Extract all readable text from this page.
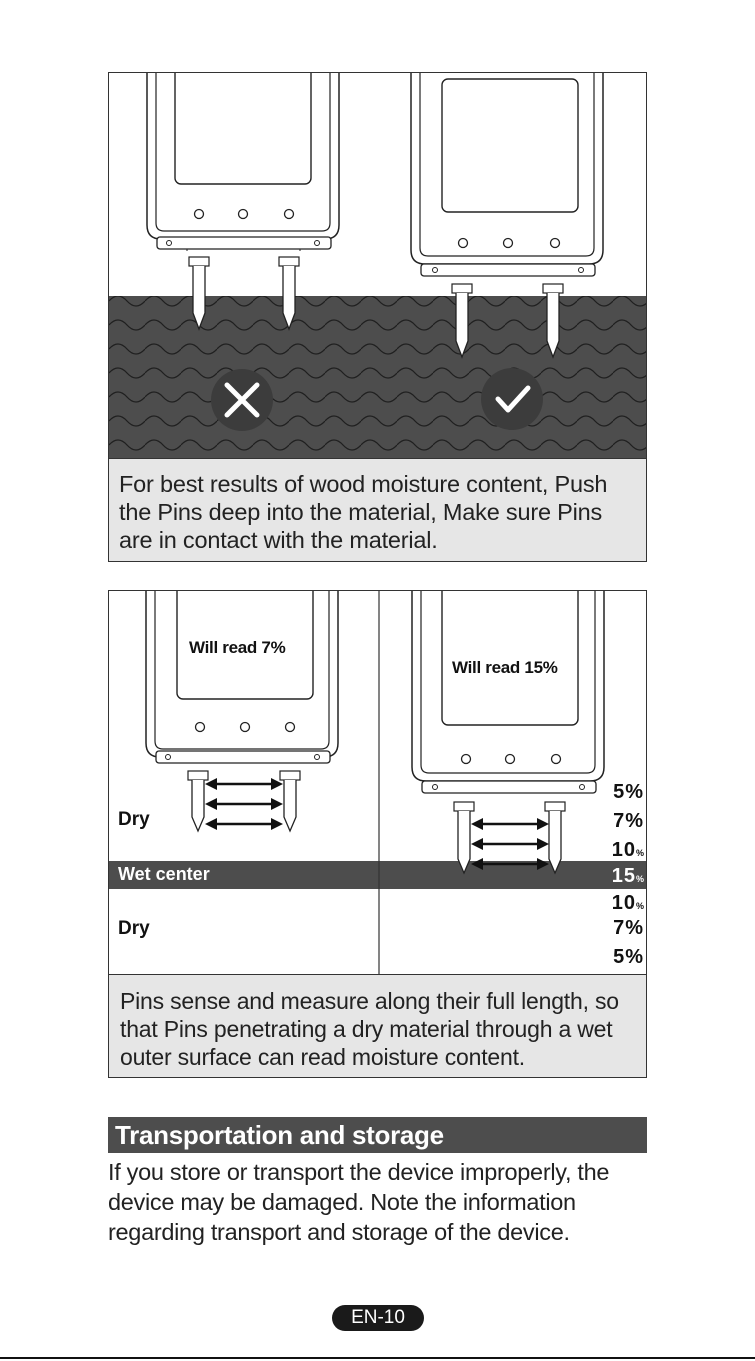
For best results of wood moisture content, Push the Pins deep into the material, Make sure Pins are in contact with the material.
Will read 7%
Will read 15%
Dry
Wet center
Dry
5%
7%
10%
15%
10%
7%
5%
Pins sense and measure along their full length, so that Pins penetrating a dry material through a wet outer surface can read moisture content.
Transportation and storage
If you store or transport the device improperly, the device may be damaged. Note the information regarding transport and storage of the device.
EN-10
